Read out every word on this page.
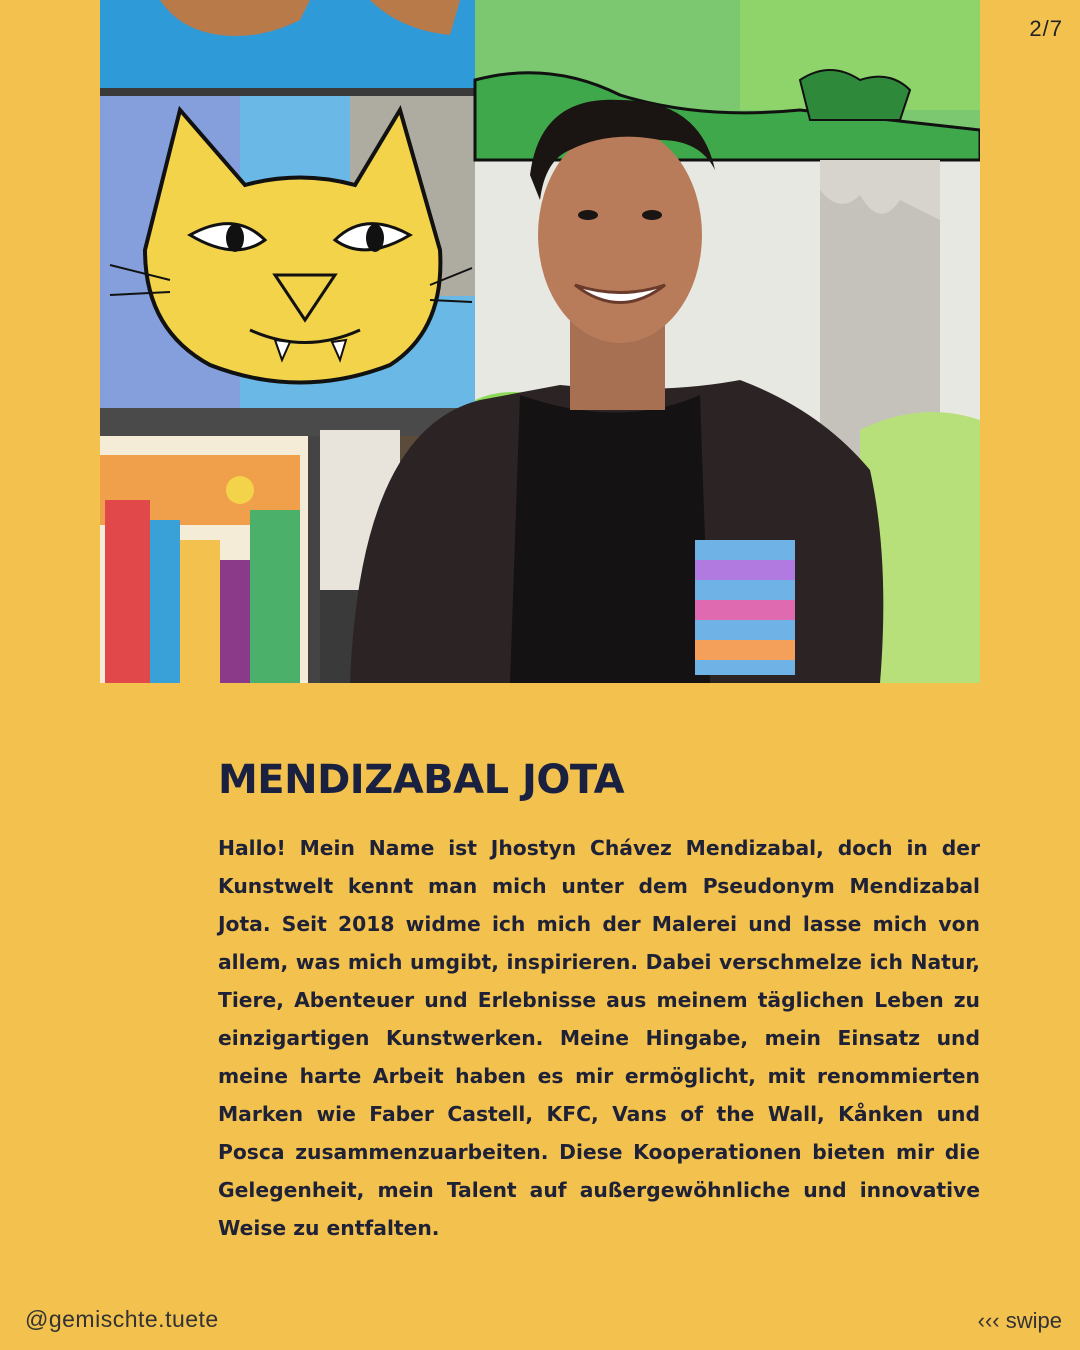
2/7
MENDIZABAL JOTA

Hallo! Mein Name ist Jhostyn Chávez Mendizabal, doch in der Kunstwelt kennt man mich unter dem Pseudonym Mendizabal Jota. Seit 2018 widme ich mich der Malerei und lasse mich von allem, was mich umgibt, inspirieren. Dabei verschmelze ich Natur, Tiere, Abenteuer und Erlebnisse aus meinem täglichen Leben zu einzigartigen Kunstwerken. Meine Hingabe, mein Einsatz und meine harte Arbeit haben es mir ermöglicht, mit renommierten Marken wie Faber Castell, KFC, Vans of the Wall, Kånken und Posca zusammenzuarbeiten. Diese Kooperationen bieten mir die Gelegenheit, mein Talent auf außergewöhnliche und innovative Weise zu entfalten.

@gemischte.tuete	‹‹‹ swipe
